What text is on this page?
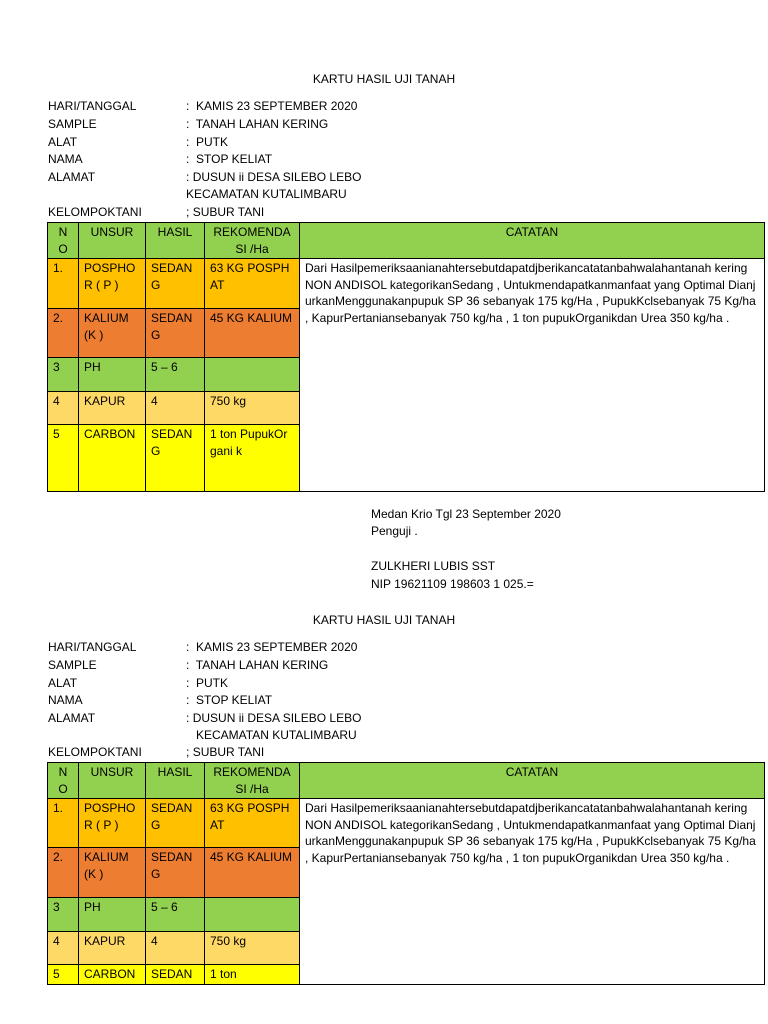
KARTU HASIL UJI TANAH
HARI/TANGGAL	: KAMIS 23 SEPTEMBER 2020
SAMPLE	: TANAH LAHAN KERING
ALAT	: PUTK
NAMA	: STOP KELIAT
ALAMAT	: DUSUN ii DESA SILEBO LEBO
KECAMATAN KUTALIMBARU
KELOMPOKTANI	; SUBUR TANI
N O	UNSUR	HASIL	REKOMENDA SI /Ha	CATATAN
1.	POSPHO R ( P )	SEDAN G	63 KG POSPHAT	Dari Hasilpemeriksaanianahtersebutdapatdjberikancatatanbahwalahantanah kering NON ANDISOL kategorikanSedang , Untukmendapatkanmanfaat yang Optimal DianjurkanMenggunakanpupuk SP 36 sebanyak 175 kg/Ha , PupukKclsebanyak 75 Kg/ha , KapurPertaniansebanyak 750 kg/ha , 1 ton pupukOrganikdan Urea 350 kg/ha .
2.	KALIUM (K )	SEDAN G	45 KG KALIUM	
3	PH	5 – 6		
4	KAPUR	4	750 kg	
5	CARBON	SEDAN G	1 ton PupukOrgani k	
Medan Krio Tgl 23 September 2020
Penguji .
ZULKHERI LUBIS SST
NIP 19621109 198603 1 025.=
KARTU HASIL UJI TANAH
HARI/TANGGAL	: KAMIS 23 SEPTEMBER 2020
SAMPLE	: TANAH LAHAN KERING
ALAT	: PUTK
NAMA	: STOP KELIAT
ALAMAT	: DUSUN ii DESA SILEBO LEBO
KECAMATAN KUTALIMBARU
KELOMPOKTANI	; SUBUR TANI
N O	UNSUR	HASIL	REKOMENDA SI /Ha	CATATAN
1.	POSPHO R ( P )	SEDAN G	63 KG POSPHAT	Dari Hasilpemeriksaanianahtersebutdapatdjberikancatatanbahwalahantanah kering NON ANDISOL kategorikanSedang , Untukmendapatkanmanfaat yang Optimal DianjurkanMenggunakanpupuk SP 36 sebanyak 175 kg/Ha , PupukKclsebanyak 75 Kg/ha , KapurPertaniansebanyak 750 kg/ha , 1 ton pupukOrganikdan Urea 350 kg/ha .
2.	KALIUM (K )	SEDAN G	45 KG KALIUM	
3	PH	5 – 6		
4	KAPUR	4	750 kg	
5	CARBON	SEDAN	1 ton	
